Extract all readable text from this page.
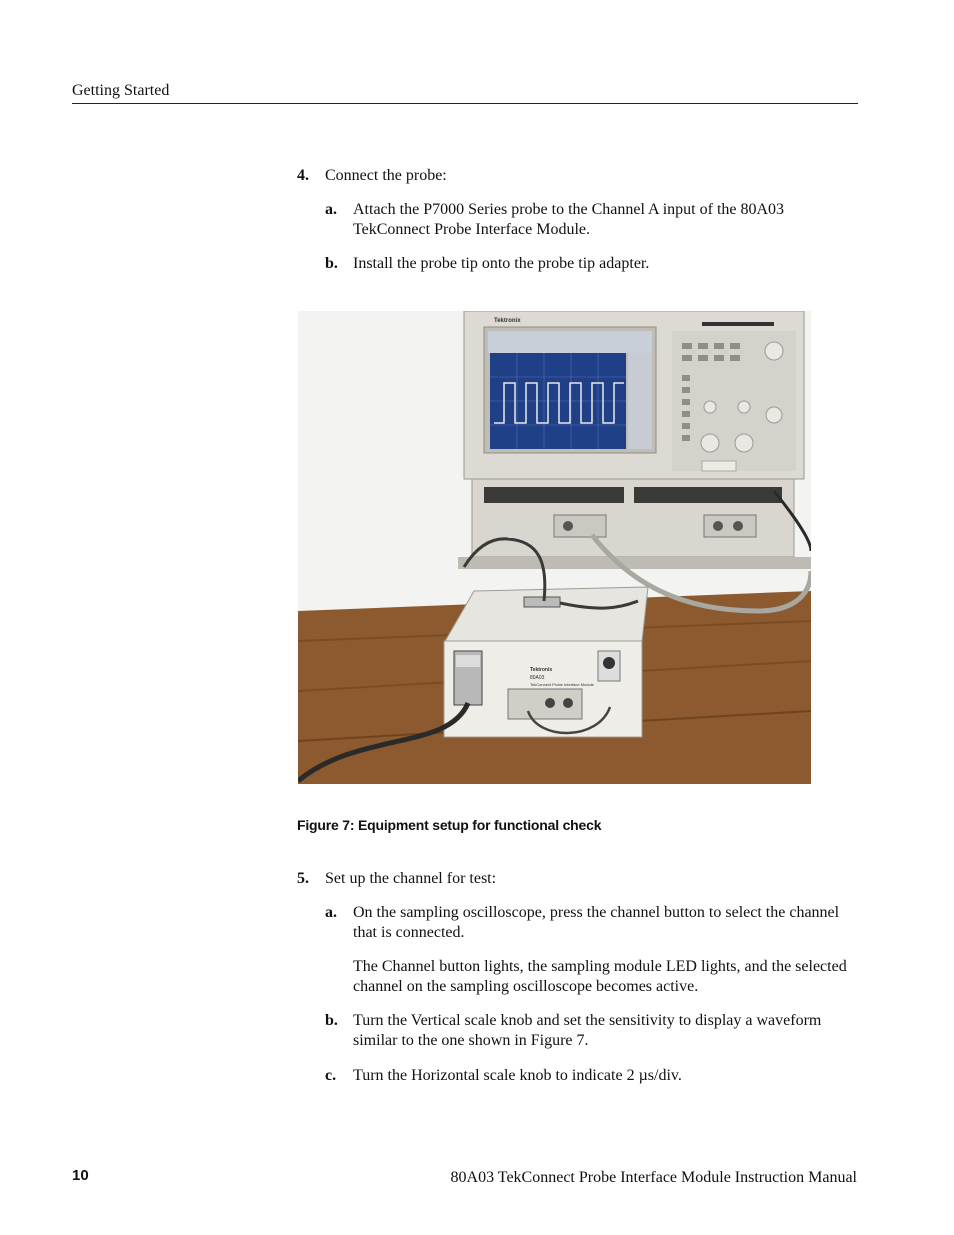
Getting Started
4. Connect the probe:
a. Attach the P7000 Series probe to the Channel A input of the 80A03 TekConnect Probe Interface Module.
b. Install the probe tip onto the probe tip adapter.
Tektronix
Tektronix
80A03
TekConnect Probe Interface Module
Figure 7: Equipment setup for functional check
5. Set up the channel for test:
a. On the sampling oscilloscope, press the channel button to select the channel that is connected.
The Channel button lights, the sampling module LED lights, and the selected channel on the sampling oscilloscope becomes active.
b. Turn the Vertical scale knob and set the sensitivity to display a waveform similar to the one shown in Figure 7.
c. Turn the Horizontal scale knob to indicate 2 µs/div.
10	80A03 TekConnect Probe Interface Module Instruction Manual
